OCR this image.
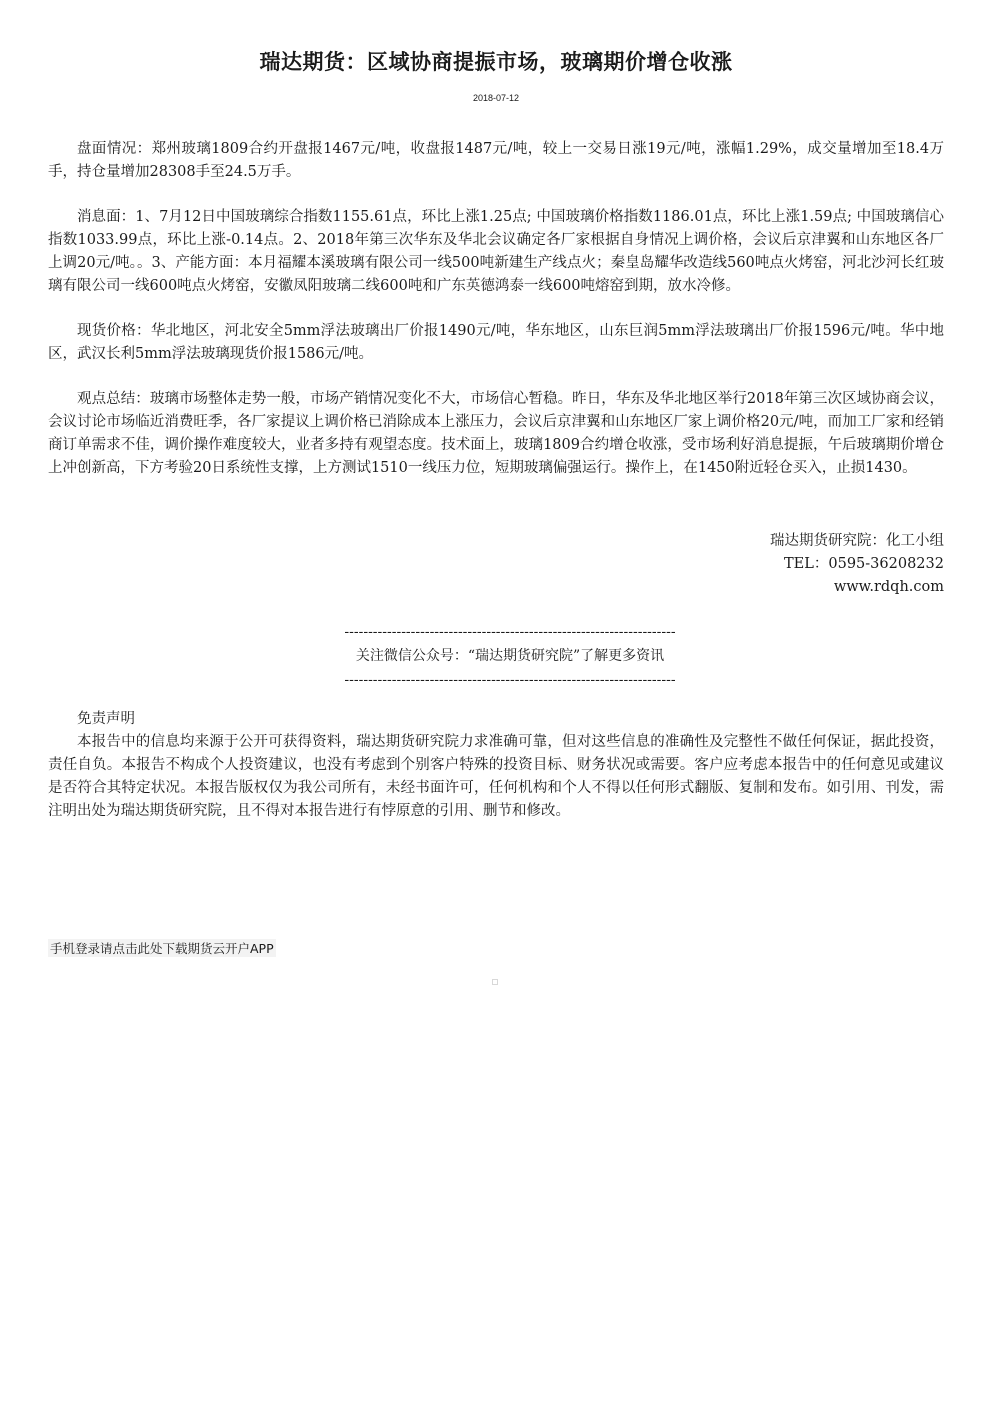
瑞达期货：区域协商提振市场，玻璃期价增仓收涨
2018-07-12

盘面情况：郑州玻璃1809合约开盘报1467元/吨，收盘报1487元/吨，较上一交易日涨19元/吨，涨幅1.29%，成交量增加至18.4万手，持仓量增加28308手至24.5万手。

消息面：1、7月12日中国玻璃综合指数1155.61点，环比上涨1.25点; 中国玻璃价格指数1186.01点，环比上涨1.59点; 中国玻璃信心指数1033.99点，环比上涨-0.14点。2、2018年第三次华东及华北会议确定各厂家根据自身情况上调价格，会议后京津翼和山东地区各厂上调20元/吨。。3、产能方面：本月福耀本溪玻璃有限公司一线500吨新建生产线点火；秦皇岛耀华改造线560吨点火烤窑，河北沙河长红玻璃有限公司一线600吨点火烤窑，安徽凤阳玻璃二线600吨和广东英德鸿泰一线600吨熔窑到期，放水冷修。

现货价格：华北地区，河北安全5mm浮法玻璃出厂价报1490元/吨，华东地区，山东巨润5mm浮法玻璃出厂价报1596元/吨。华中地区，武汉长利5mm浮法玻璃现货价报1586元/吨。

观点总结：玻璃市场整体走势一般，市场产销情况变化不大，市场信心暂稳。昨日，华东及华北地区举行2018年第三次区域协商会议，会议讨论市场临近消费旺季，各厂家提议上调价格已消除成本上涨压力，会议后京津翼和山东地区厂家上调价格20元/吨，而加工厂家和经销商订单需求不佳，调价操作难度较大，业者多持有观望态度。技术面上，玻璃1809合约增仓收涨，受市场利好消息提振，午后玻璃期价增仓上冲创新高，下方考验20日系统性支撑，上方测试1510一线压力位，短期玻璃偏强运行。操作上，在1450附近轻仓买入，止损1430。

瑞达期货研究院：化工小组
TEL：0595-36208232
www.rdqh.com
----------------------------------------------------------------------
关注微信公众号：“瑞达期货研究院”了解更多资讯
----------------------------------------------------------------------

免责声明

本报告中的信息均来源于公开可获得资料，瑞达期货研究院力求准确可靠，但对这些信息的准确性及完整性不做任何保证，据此投资，责任自负。本报告不构成个人投资建议，也没有考虑到个别客户特殊的投资目标、财务状况或需要。客户应考虑本报告中的任何意见或建议是否符合其特定状况。本报告版权仅为我公司所有，未经书面许可，任何机构和个人不得以任何形式翻版、复制和发布。如引用、刊发，需注明出处为瑞达期货研究院，且不得对本报告进行有悖原意的引用、删节和修改。

手机登录请点击此处下载期货云开户APP
